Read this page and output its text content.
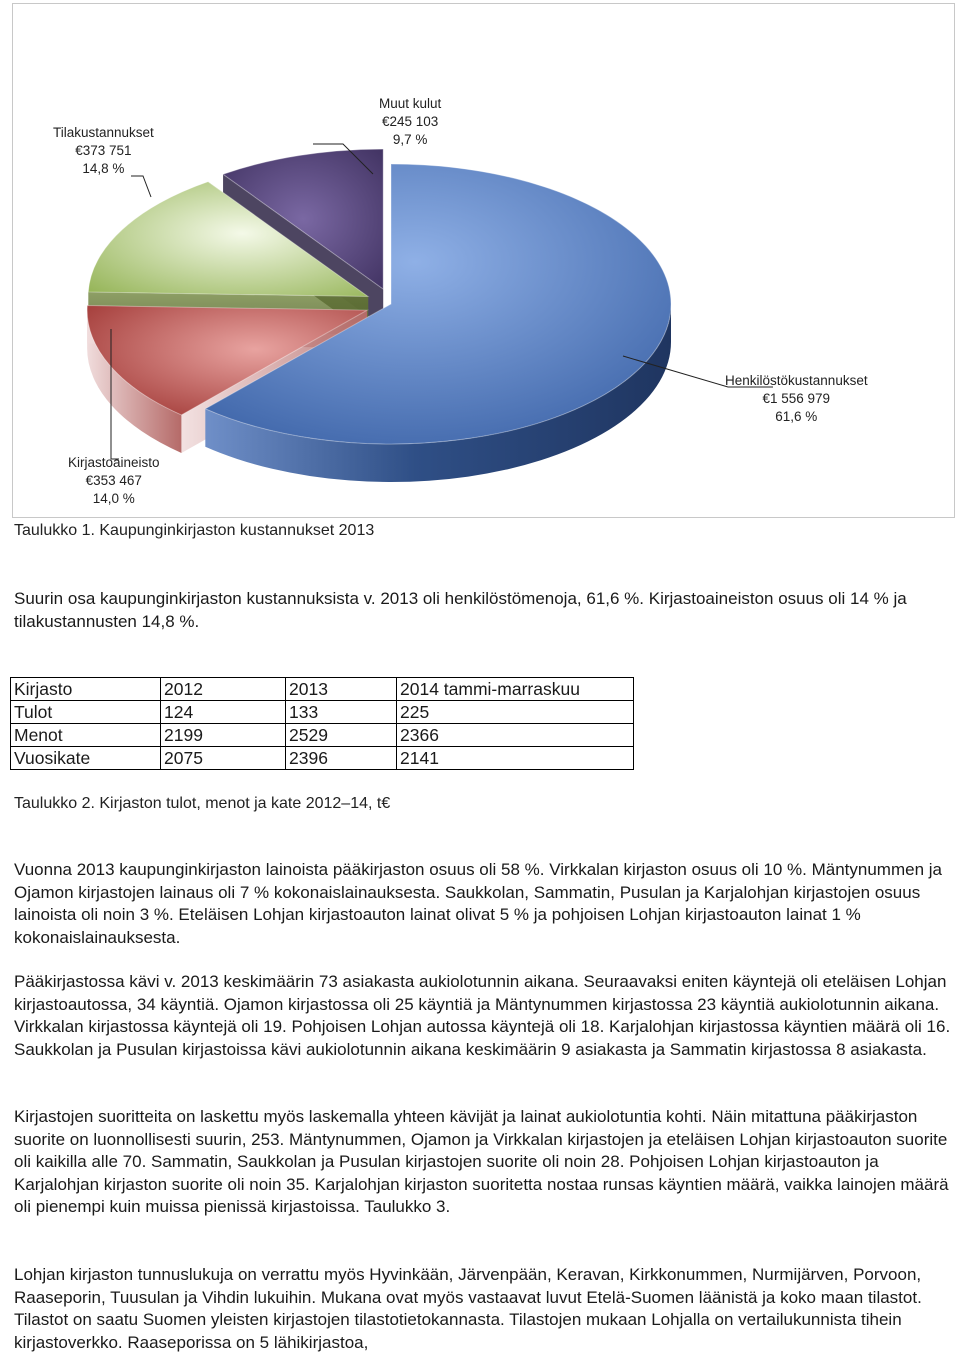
Tilakustannukset
€373 751
14,8 %
Muut kulut
€245 103
9,7 %
Henkilöstökustannukset
€1 556 979
61,6 %
Kirjastoaineisto
€353 467
14,0 %
Taulukko 1. Kaupunginkirjaston kustannukset 2013

Suurin osa kaupunginkirjaston kustannuksista v. 2013 oli henkilöstömenoja, 61,6 %. Kirjastoaineiston osuus oli 14 % ja tilakustannusten 14,8 %.

Kirjasto	2012	2013	2014 tammi-marraskuu
Tulot	124	133	225
Menot	2199	2529	2366
Vuosikate	2075	2396	2141
Taulukko 2. Kirjaston tulot, menot ja kate 2012–14, t€

Vuonna 2013 kaupunginkirjaston lainoista pääkirjaston osuus oli 58 %. Virkkalan kirjaston osuus oli 10 %. Mäntynummen ja Ojamon kirjastojen lainaus oli 7 % kokonaislainauksesta. Saukkolan, Sammatin, Pusulan ja Karjalohjan kirjastojen osuus lainoista oli noin 3 %. Eteläisen Lohjan kirjastoauton lainat olivat 5 % ja pohjoisen Lohjan kirjastoauton lainat 1 % kokonaislainauksesta.

Pääkirjastossa kävi v. 2013 keskimäärin 73 asiakasta aukiolotunnin aikana. Seuraavaksi eniten käyntejä oli eteläisen Lohjan kirjastoautossa, 34 käyntiä. Ojamon kirjastossa oli 25 käyntiä ja Mäntynummen kirjastossa 23 käyntiä aukiolotunnin aikana. Virkkalan kirjastossa käyntejä oli 19. Pohjoisen Lohjan autossa käyntejä oli 18. Karjalohjan kirjastossa käyntien määrä oli 16. Saukkolan ja Pusulan kirjastoissa kävi aukiolotunnin aikana keskimäärin 9 asiakasta ja Sammatin kirjastossa 8 asiakasta.

Kirjastojen suoritteita on laskettu myös laskemalla yhteen kävijät ja lainat aukiolotuntia kohti. Näin mitattuna pääkirjaston suorite on luonnollisesti suurin, 253. Mäntynummen, Ojamon ja Virkkalan kirjastojen ja eteläisen Lohjan kirjastoauton suorite oli kaikilla alle 70. Sammatin, Saukkolan ja Pusulan kirjastojen suorite oli noin 28. Pohjoisen Lohjan kirjastoauton ja Karjalohjan kirjaston suorite oli noin 35. Karjalohjan kirjaston suoritetta nostaa runsas käyntien määrä, vaikka lainojen määrä oli pienempi kuin muissa pienissä kirjastoissa. Taulukko 3.

Lohjan kirjaston tunnuslukuja on verrattu myös Hyvinkään, Järvenpään, Keravan, Kirkkonummen, Nurmijärven, Porvoon, Raaseporin, Tuusulan ja Vihdin lukuihin. Mukana ovat myös vastaavat luvut Etelä-Suomen läänistä ja koko maan tilastot. Tilastot on saatu Suomen yleisten kirjastojen tilastotietokannasta. Tilastojen mukaan Lohjalla on vertailukunnista tihein kirjastoverkko. Raaseporissa on 5 lähikirjastoa,
